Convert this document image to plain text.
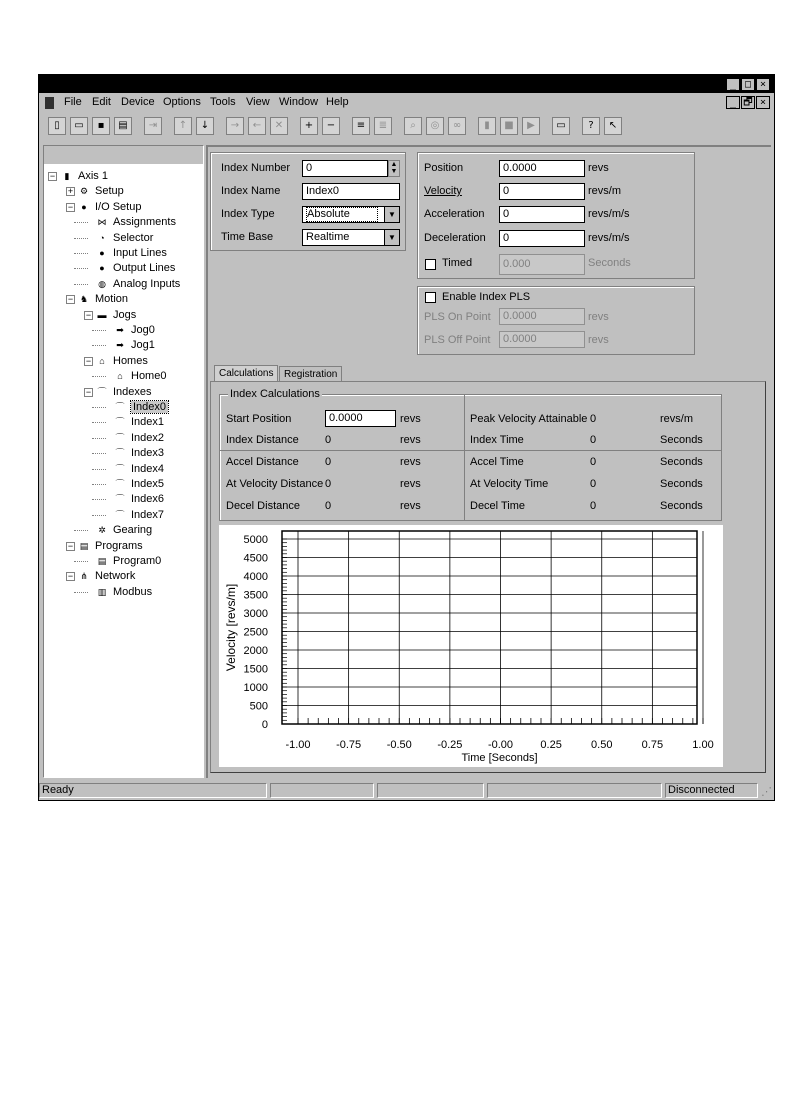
_ □ ×
File Edit Device Options Tools View Window Help	_ 🗗 ×
▯	▭	▪	▤	⇥	↑	↓	→	←	✕	+	−	≡	≣	⌕	◎	∞	▮	■	▶	▭	?	↖
−	▮ Axis 1
+ ⚙ Setup
− ● I/O Setup
⋈ Assignments
◔ Selector
● Input Lines
● Output Lines
◍ Analog Inputs
− ♞ Motion
− ▬ Jogs
➡ Jog0
➡ Jog1
− ⌂ Homes
⌂ Home0
− ⌒ Indexes
⌒ Index0
⌒ Index1
⌒ Index2
⌒ Index3
⌒ Index4
⌒ Index5
⌒ Index6
⌒ Index7
✲ Gearing
− ▤ Programs
▤ Program0
− ⋔ Network
▥ Modbus
Index Number	0	▲
▼
Index Name	Index0
Index Type	Absolute	▼
Time Base	Realtime	▼
Position	0.0000	revs
Velocity	0	revs/m
Acceleration	0	revs/m/s
Deceleration	0	revs/m/s
Timed	0.000	Seconds
Enable Index PLS
PLS On Point	0.0000	revs
PLS Off Point	0.0000	revs
Calculations	Registration
Index Calculations
Start Position	0.0000	revs
Index Distance 0	revs
Peak Velocity Attainable 0	revs/m
Index Time	0	Seconds
Accel Distance 0	revs
At Velocity Distance 0	revs
Decel Distance 0	revs
Accel Time	0	Seconds
At Velocity Time	0	Seconds
Decel Time	0	Seconds
0
500
1000
1500
2000
2500
3000
3500
4000
4500
5000
-1.00 -0.75 -0.50 -0.25 -0.00 0.25	0.50	0.75	1.00
Time [Seconds]
Velocity [revs/m]
Ready	Disconnected	⋰
